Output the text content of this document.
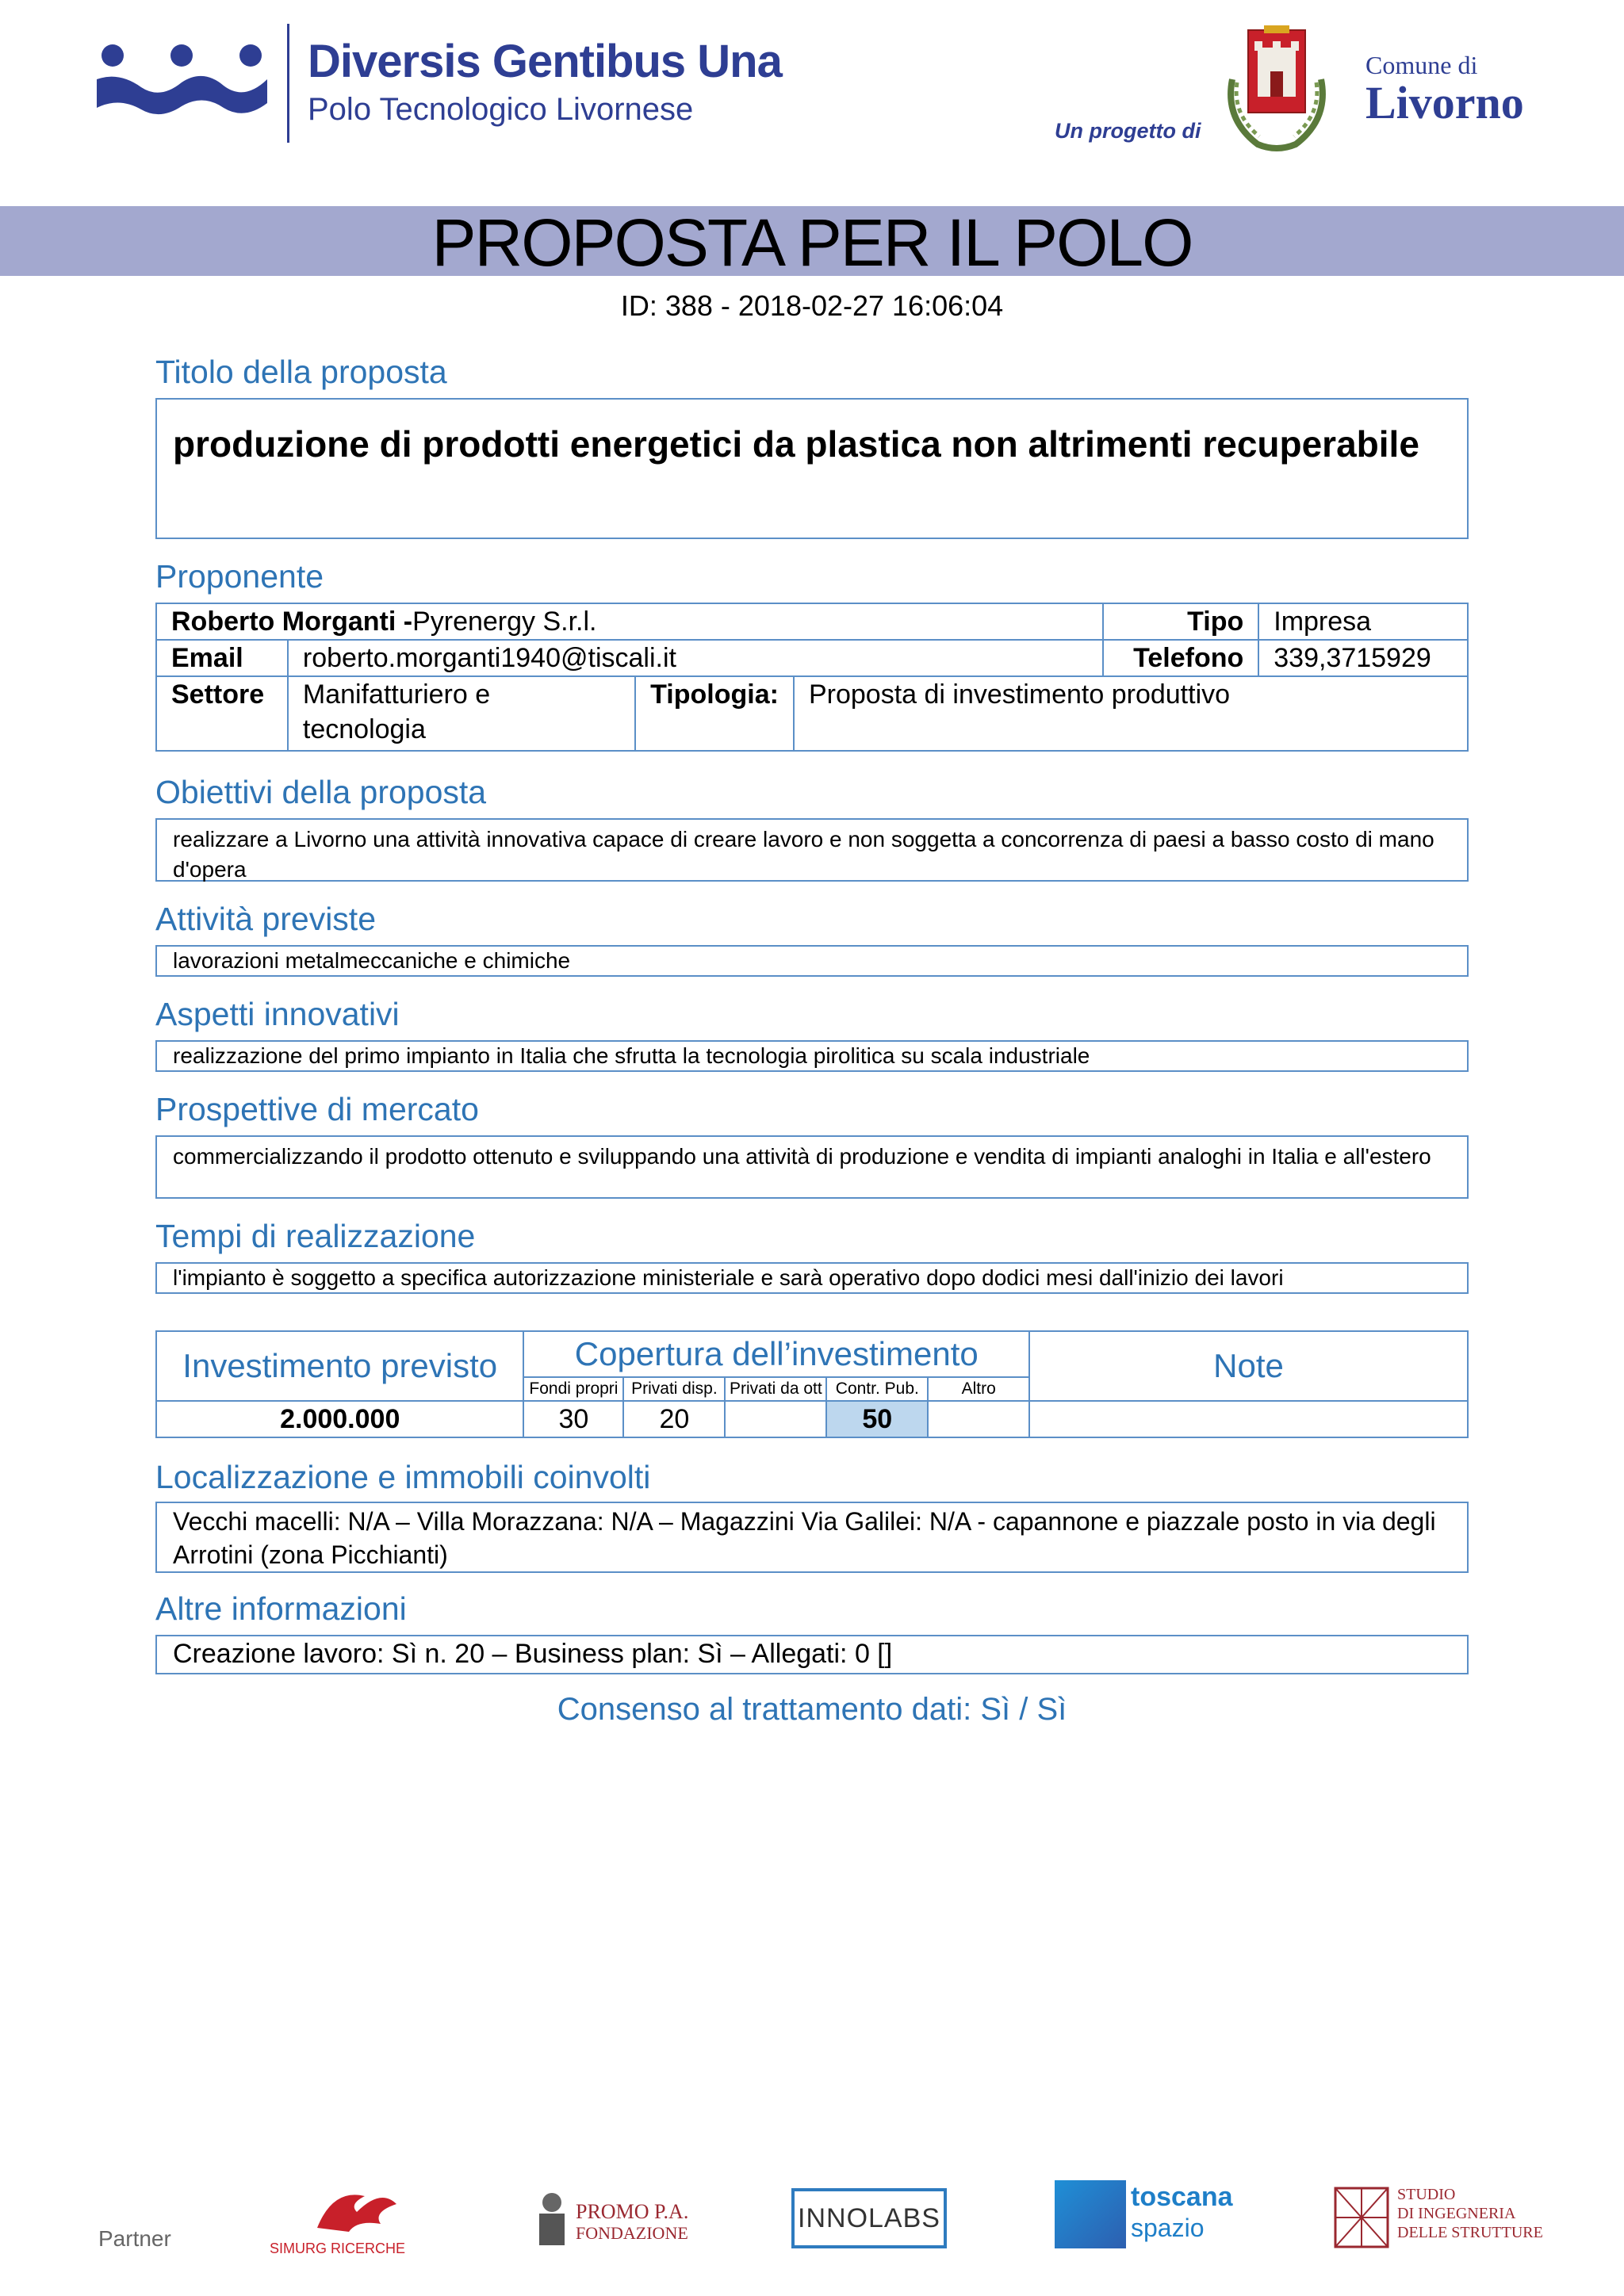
Diversis Gentibus Una
Polo Tecnologico Livornese
Un progetto di
Comune di
Livorno
PROPOSTA PER IL POLO
ID: 388 - 2018-02-27 16:06:04
Titolo della proposta
produzione di prodotti energetici da plastica non altrimenti recuperabile
Proponente
Roberto Morganti -Pyrenergy S.r.l.				Tipo	Impresa
Email	roberto.morganti1940@tiscali.it			Telefono	339,3715929
Settore	Manifatturiero e tecnologia	Tipologia:	Proposta di investimento produttivo		
Obiettivi della proposta
realizzare a Livorno una attività innovativa capace di creare lavoro e non soggetta a concorrenza di paesi a basso costo di mano d'opera
Attività previste
lavorazioni metalmeccaniche e chimiche
Aspetti innovativi
realizzazione del primo impianto in Italia che sfrutta la tecnologia pirolitica su scala industriale
Prospettive di mercato
commercializzando il prodotto ottenuto e sviluppando una attività di produzione e vendita di impianti analoghi in Italia e all'estero
Tempi di realizzazione
l'impianto è soggetto a specifica autorizzazione ministeriale e sarà operativo dopo dodici mesi dall'inizio dei lavori
Investimento previsto	Copertura dell’investimento					Note
	Fondi propri	Privati disp.	Privati da ott	Contr. Pub.	Altro	
2.000.000	30	20		50		
Localizzazione e immobili coinvolti
Vecchi macelli: N/A – Villa Morazzana: N/A – Magazzini Via Galilei: N/A - capannone e piazzale posto in via degli Arrotini (zona Picchianti)
Altre informazioni
Creazione lavoro: Sì n. 20 – Business plan: Sì – Allegati: 0 []
Consenso al trattamento dati: Sì / Sì
Partner	SIMURG RICERCHE
PROMO P.A.
FONDAZIONE	INNOLABS
toscana
spazio
STUDIO
DI INGEGNERIA
DELLE STRUTTURE
